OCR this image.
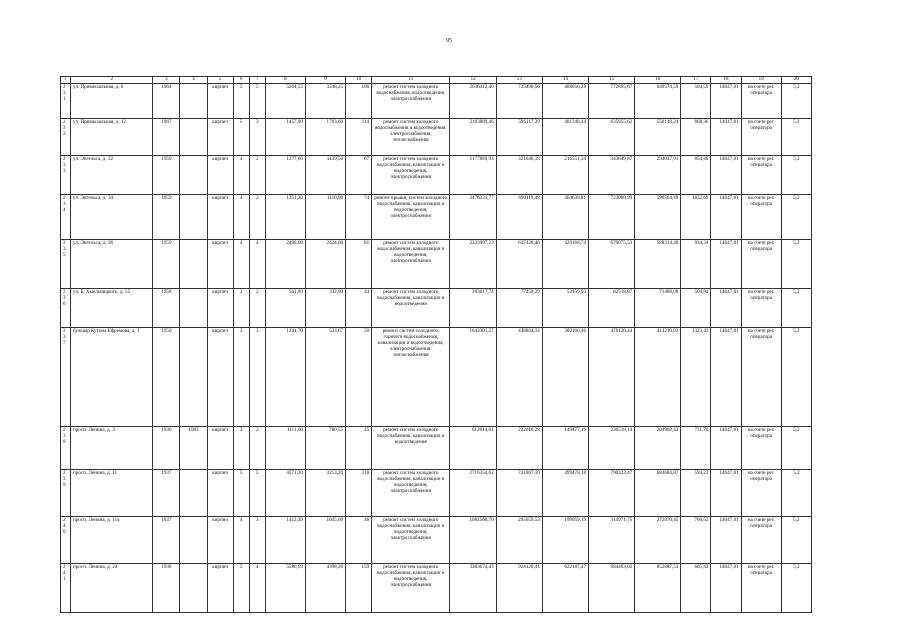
95
1	2	3	4	5	6	7	8	9	10	11	12	13	14	15	16	17	18	19	20

231	ул. Привокзальная, д. 8	1964		кирпич	5	5	5264,55	3248,25	186	ремонт систем холодного водоснабжения, водоотведения, электроснабжения	2636412,40	725490,56	488056,28	772895,67	649574,59	504,59	14047,81	на счете рег. оператора	5,2

232	ул. Привокзальная, д. 12	1967		кирпич	5	3	1457,00	1763,60	114	ремонт систем холодного водоснабжения и водоотведения, электроснабжения, теплоснабжения	2183889,46	596117,29	401348,44	635955,62	550148,24	868,36	14047,81	на счете рег. оператора	5,2

233	ул. Энгельса, д. 32	1959		кирпич	4	2	1277,60	1139,50	67	ремонт систем холодного водоснабжения, канализации и водоотведения, электроснабжения	1177889,93	321640,18	216551,34	343649,87	294047,91	854,88	14047,81	на счете рег. оператора	5,2

234	ул. Энгельса, д. 34	1959		кирпич	4	2	1251,20	1110,90	74	ремонт крыши, систем холодного водоснабжения, канализации и водоотведения, электроснабжения	2476331,77	690119,48	464638,81	723008,99	598564,49	1832,69	14047,81	на счете рег. оператора	5,2

235	ул. Энгельса, д. 36	1959		кирпич	4	4	2498,00	2424,60	81	ремонт систем холодного водоснабжения, канализации и водоотведения, электроснабжения	2333987,23	637428,46	429168,74	679075,53	588314,48	934,34	14047,81	на счете рег. оператора	5,2

236	ул. Б. Хмельницкого, д. 55	1958		кирпич	2	2	561,80	332,90	44	ремонт систем холодного водоснабжения, канализации и водоотведения	283617,74	77459,29	52159,93	82518,87	71488,08	504,84	14047,81	на счете рег. оператора	5,2

237	бульвар Кутuна Ефремова, д. 1	1950		кирпич	3	3	1241,70	533,67	50	ремонт систем холодного, горячего водоснабжения, канализации и водоотведения, электроснабжения, теплоснабжения	1643301,27	448804,34	302166,46	478120,44	414210,03	1323,43	14047,81	на счете рег. оператора	5,2

238	просп. Ленина, д. 3	1930	1983	кирпич	3	2	1111,60	780,55	45	ремонт систем холодного водоснабжения, канализации и водоотведения	812014,01	222010,28	149477,16	236518,14	204902,43	731,70	14047,81	на счете рег. оператора	5,2

239	просп. Ленина, д. 11	1937		кирпич	5	5	4571,20	3213,20	118	ремонт систем холодного водоснабжения, канализации и водоотведения, электроснабжения	2716354,62	741867,10	499478,18	790323,47	684684,07	594,23	14047,81	на счете рег. оператора	5,2

240	просп. Ленина, д. 11а	1937		кирпич	4	3	1412,39	1045,00	46	ремонт систем холодного водоснабжения, канализации и водоотведения, электроснабжения	1082560,70	295659,53	199059,19	314971,75	272870,45	766,52	14047,81	на счете рег. оператора	5,2

241	просп. Ленина, д. 24	1938		кирпич	5	4	5586,99	4398,20	159	ремонт систем холодного водоснабжения, канализации и водоотведения, электроснабжения	3383674,43	924120,41	622187,47	984483,02	852887,53	605,43	14047,81	на счете рег. оператора	5,2
